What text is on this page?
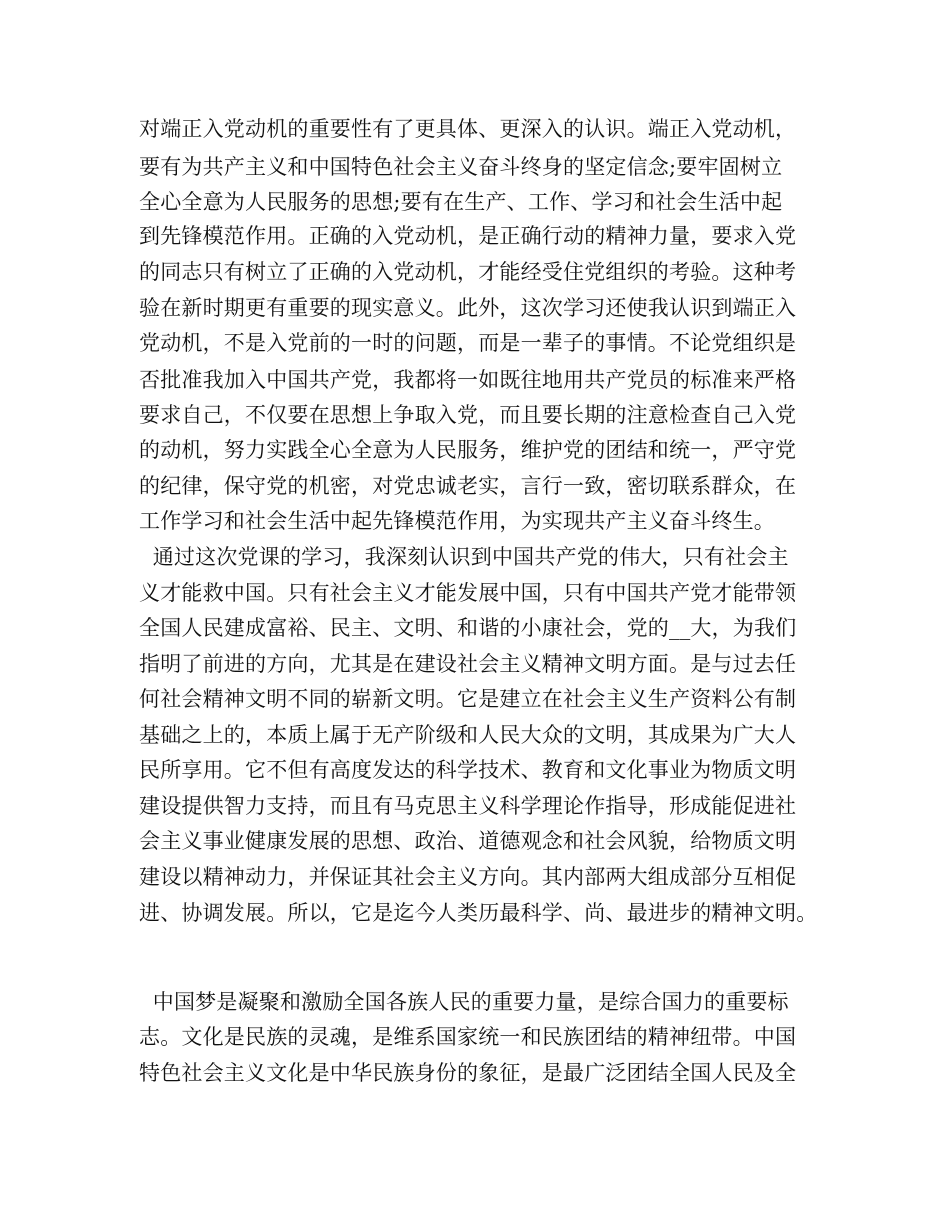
对端正入党动机的重要性有了更具体、更深入的认识。端正入党动机，
要有为共产主义和中国特色社会主义奋斗终身的坚定信念;要牢固树立
全心全意为人民服务的思想;要有在生产、工作、学习和社会生活中起
到先锋模范作用。正确的入党动机，是正确行动的精神力量，要求入党
的同志只有树立了正确的入党动机，才能经受住党组织的考验。这种考
验在新时期更有重要的现实意义。此外，这次学习还使我认识到端正入
党动机，不是入党前的一时的问题，而是一辈子的事情。不论党组织是
否批准我加入中国共产党，我都将一如既往地用共产党员的标准来严格
要求自己，不仅要在思想上争取入党，而且要长期的注意检查自己入党
的动机，努力实践全心全意为人民服务，维护党的团结和统一，严守党
的纪律，保守党的机密，对党忠诚老实，言行一致，密切联系群众，在
工作学习和社会生活中起先锋模范作用，为实现共产主义奋斗终生。
通过这次党课的学习，我深刻认识到中国共产党的伟大，只有社会主
义才能救中国。只有社会主义才能发展中国，只有中国共产党才能带领
全国人民建成富裕、民主、文明、和谐的小康社会，党的__大，为我们
指明了前进的方向，尤其是在建设社会主义精神文明方面。是与过去任
何社会精神文明不同的崭新文明。它是建立在社会主义生产资料公有制
基础之上的，本质上属于无产阶级和人民大众的文明，其成果为广大人
民所享用。它不但有高度发达的科学技术、教育和文化事业为物质文明
建设提供智力支持，而且有马克思主义科学理论作指导，形成能促进社
会主义事业健康发展的思想、政治、道德观念和社会风貌，给物质文明
建设以精神动力，并保证其社会主义方向。其内部两大组成部分互相促
进、协调发展。所以，它是迄今人类历最科学、尚、最进步的精神文明。
中国梦是凝聚和激励全国各族人民的重要力量，是综合国力的重要标
志。文化是民族的灵魂，是维系国家统一和民族团结的精神纽带。中国
特色社会主义文化是中华民族身份的象征，是最广泛团结全国人民及全
